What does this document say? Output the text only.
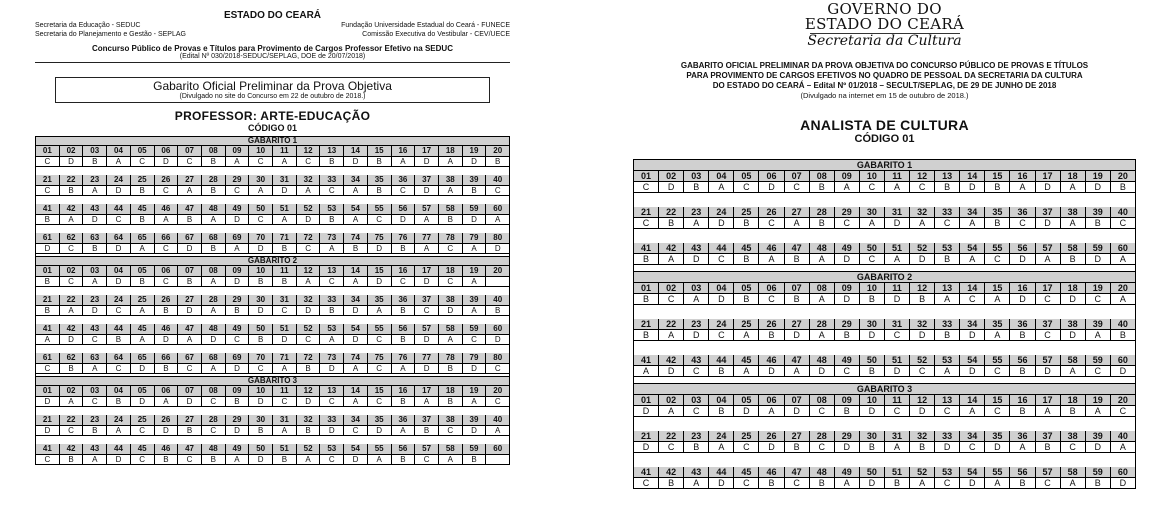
ESTADO DO CEARÁ
Secretaria da Educação - SEDUC	Fundação Universidade Estadual do Ceará - FUNECE
Secretaria do Planejamento e Gestão - SEPLAG	Comissão Executiva do Vestibular - CEV/UECE
Concurso Público de Provas e Títulos para Provimento de Cargos Professor Efetivo na SEDUC
(Edital Nº 030/2018-SEDUC/SEPLAG, DOE de 20/07/2018)
Gabarito Oficial Preliminar da Prova Objetiva
(Divulgado no site do Concurso em 22 de outubro de 2018.)
PROFESSOR: ARTE-EDUCAÇÃO
CÓDIGO 01
GABARITO 1
01	02	03	04	05	06	07	08	09	10	11	12	13	14	15	16	17	18	19	20
C	D	B	A	C	D	C	B	A	C	A	C	B	D	B	A	D	A	D	B
21	22	23	24	25	26	27	28	29	30	31	32	33	34	35	36	37	38	39	40
C	B	A	D	B	C	A	B	C	A	D	A	C	A	B	C	D	A	B	C
41	42	43	44	45	46	47	48	49	50	51	52	53	54	55	56	57	58	59	60
B	A	D	C	B	A	B	A	D	C	A	D	B	A	C	D	A	B	D	A
61	62	63	64	65	66	67	68	69	70	71	72	73	74	75	76	77	78	79	80
D	C	B	D	A	C	D	B	A	D	B	C	A	B	D	B	A	C	A	D
GABARITO 2
01	02	03	04	05	06	07	08	09	10	11	12	13	14	15	16	17	18	19	20
B	C	A	D	B	C	B	A	D	B	B	A	C	A	D	C	D	C	A
21	22	23	24	25	26	27	28	29	30	31	32	33	34	35	36	37	38	39	40
B	A	D	C	A	B	D	A	B	D	C	D	B	D	A	B	C	D	A	B
41	42	43	44	45	46	47	48	49	50	51	52	53	54	55	56	57	58	59	60
A	D	C	B	A	D	A	D	C	B	D	C	A	D	C	B	D	A	C	D
61	62	63	64	65	66	67	68	69	70	71	72	73	74	75	76	77	78	79	80
C	B	A	C	D	B	C	A	D	C	A	B	D	A	C	A	D	B	D	C
GABARITO 3
01	02	03	04	05	06	07	08	09	10	11	12	13	14	15	16	17	18	19	20
D	A	C	B	D	A	D	C	B	D	C	D	C	A	C	B	A	B	A	C
21	22	23	24	25	26	27	28	29	30	31	32	33	34	35	36	37	38	39	40
D	C	B	A	C	D	B	C	D	B	A	B	D	C	D	A	B	C	D	A
41	42	43	44	45	46	47	48	49	50	51	52	53	54	55	56	57	58	59	60
C	B	A	D	C	B	C	B	A	D	B	A	C	D	A	B	C	A	B
GOVERNO DO
ESTADO DO CEARÁ
Secretaria da Cultura
GABARITO OFICIAL PRELIMINAR DA PROVA OBJETIVA DO CONCURSO PÚBLICO DE PROVAS E TÍTULOS
PARA PROVIMENTO DE CARGOS EFETIVOS NO QUADRO DE PESSOAL DA SECRETARIA DA CULTURA
DO ESTADO DO CEARÁ – Edital Nº 01/2018 – SECULT/SEPLAG, DE 29 DE JUNHO DE 2018
(Divulgado na internet em 15 de outubro de 2018.)
ANALISTA DE CULTURA
CÓDIGO 01
GABARITO 1
01	02	03	04	05	06	07	08	09	10	11	12	13	14	15	16	17	18	19	20
C	D	B	A	C	D	C	B	A	C	A	C	B	D	B	A	D	A	D	B
21	22	23	24	25	26	27	28	29	30	31	32	33	34	35	36	37	38	39	40
C	B	A	D	B	C	A	B	C	A	D	A	C	A	B	C	D	A	B	C
41	42	43	44	45	46	47	48	49	50	51	52	53	54	55	56	57	58	59	60
B	A	D	C	B	A	B	A	D	C	A	D	B	A	C	D	A	B	D	A
GABARITO 2
01	02	03	04	05	06	07	08	09	10	11	12	13	14	15	16	17	18	19	20
B	C	A	D	B	C	B	A	D	B	D	B	A	C	A	D	C	D	C	A
21	22	23	24	25	26	27	28	29	30	31	32	33	34	35	36	37	38	39	40
B	A	D	C	A	B	D	A	B	D	C	D	B	D	A	B	C	D	A	B
41	42	43	44	45	46	47	48	49	50	51	52	53	54	55	56	57	58	59	60
A	D	C	B	A	D	A	D	C	B	D	C	A	D	C	B	D	A	C	D
GABARITO 3
01	02	03	04	05	06	07	08	09	10	11	12	13	14	15	16	17	18	19	20
D	A	C	B	D	A	D	C	B	D	C	D	C	A	C	B	A	B	A	C
21	22	23	24	25	26	27	28	29	30	31	32	33	34	35	36	37	38	39	40
D	C	B	A	C	D	B	C	D	B	A	B	D	C	D	A	B	C	D	A
41	42	43	44	45	46	47	48	49	50	51	52	53	54	55	56	57	58	59	60
C	B	A	D	C	B	C	B	A	D	B	A	C	D	A	B	C	A	B	D
